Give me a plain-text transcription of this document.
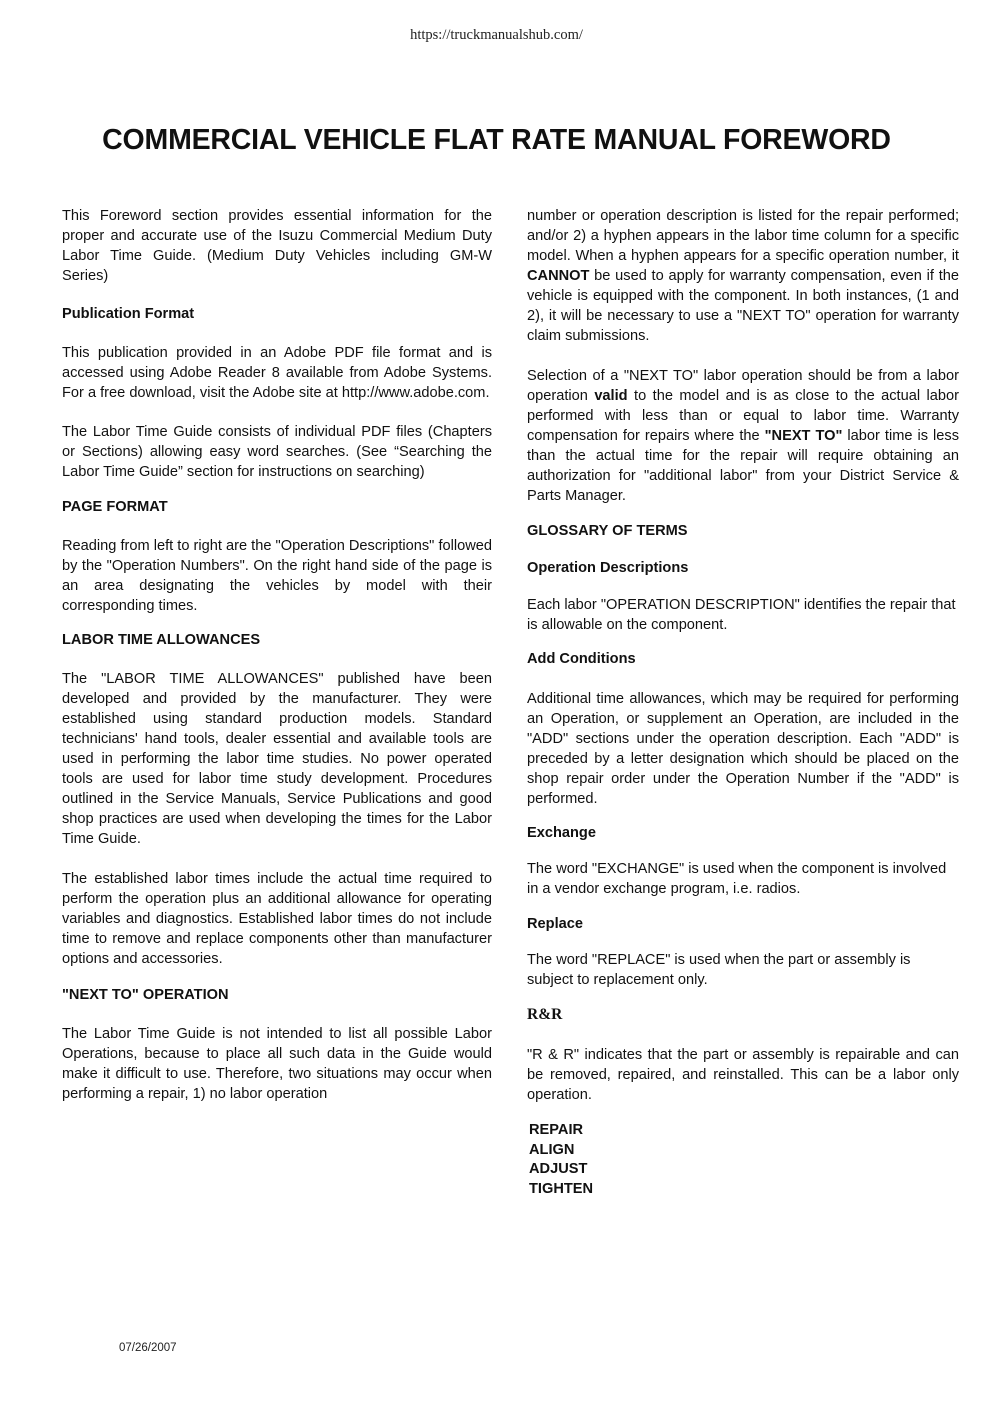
https://truckmanualshub.com/
COMMERCIAL VEHICLE FLAT RATE MANUAL FOREWORD

This Foreword section provides essential information for the proper and accurate use of the Isuzu Commercial Medium Duty Labor Time Guide. (Medium Duty Vehicles including GM-W Series)

Publication Format

This publication provided in an Adobe PDF file format and is accessed using Adobe Reader 8 available from Adobe Systems. For a free download, visit the Adobe site at http://www.adobe.com.

The Labor Time Guide consists of individual PDF files (Chapters or Sections) allowing easy word searches. (See “Searching the Labor Time Guide” section for instructions on searching)

PAGE FORMAT

Reading from left to right are the "Operation Descriptions" followed by the "Operation Numbers". On the right hand side of the page is an area designating the vehicles by model with their corresponding times.

LABOR TIME ALLOWANCES

The "LABOR TIME ALLOWANCES" published have been developed and provided by the manufacturer. They were established using standard production models. Standard technicians' hand tools, dealer essential and available tools are used in performing the labor time studies. No power operated tools are used for labor time study development. Procedures outlined in the Service Manuals, Service Publications and good shop practices are used when developing the times for the Labor Time Guide.

The established labor times include the actual time required to perform the operation plus an additional allowance for operating variables and diagnostics. Established labor times do not include time to remove and replace components other than manufacturer options and accessories.

"NEXT TO" OPERATION

The Labor Time Guide is not intended to list all possible Labor Operations, because to place all such data in the Guide would make it difficult to use. Therefore, two situations may occur when performing a repair, 1) no labor operation

number or operation description is listed for the repair performed; and/or 2) a hyphen appears in the labor time column for a specific model. When a hyphen appears for a specific operation number, it CANNOT be used to apply for warranty compensation, even if the vehicle is equipped with the component. In both instances, (1 and 2), it will be necessary to use a "NEXT TO" operation for warranty claim submissions.

Selection of a "NEXT TO" labor operation should be from a labor operation valid to the model and is as close to the actual labor performed with less than or equal to labor time. Warranty compensation for repairs where the "NEXT TO" labor time is less than the actual time for the repair will require obtaining an authorization for "additional labor" from your District Service & Parts Manager.

GLOSSARY OF TERMS
Operation Descriptions

Each labor "OPERATION DESCRIPTION" identifies the repair that is allowable on the component.

Add Conditions

Additional time allowances, which may be required for performing an Operation, or supplement an Operation, are included in the "ADD" sections under the operation description. Each "ADD" is preceded by a letter designation which should be placed on the shop repair order under the Operation Number if the "ADD" is performed.

Exchange

The word "EXCHANGE" is used when the component is involved in a vendor exchange program, i.e. radios.

Replace

The word "REPLACE" is used when the part or assembly is subject to replacement only.

R&R

"R & R" indicates that the part or assembly is repairable and can be removed, repaired, and reinstalled. This can be a labor only operation.

REPAIR
ALIGN
ADJUST
TIGHTEN
07/26/2007
